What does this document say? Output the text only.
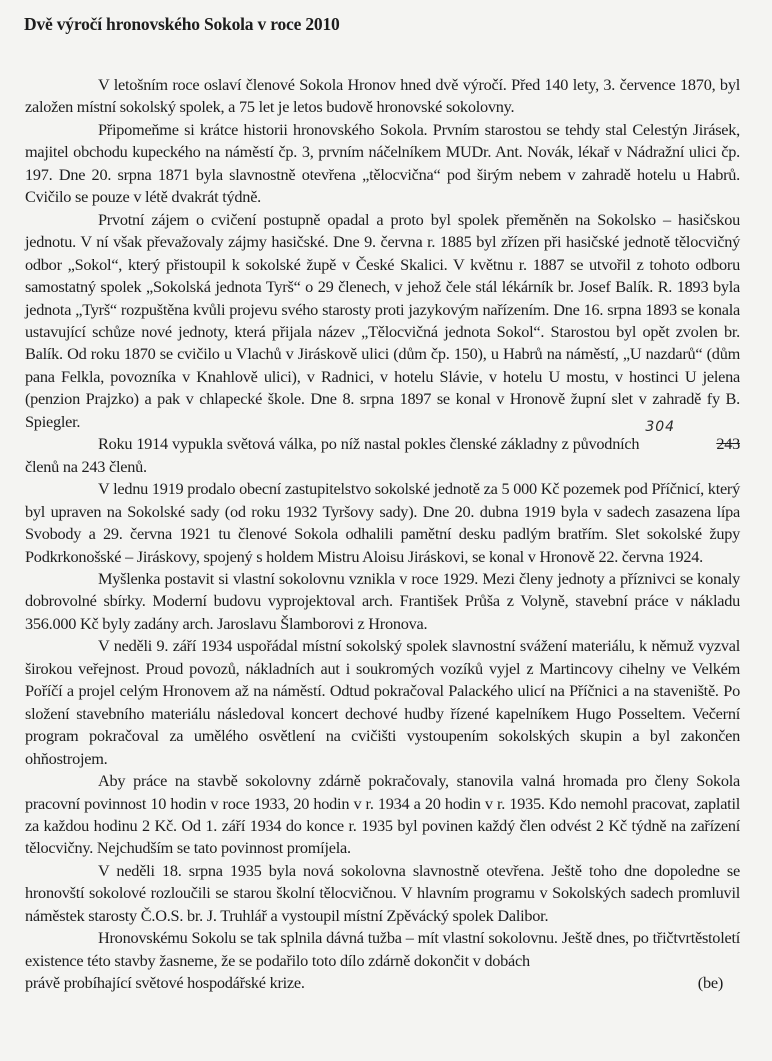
Dvě výročí hronovského Sokola v roce 2010

V letošním roce oslaví členové Sokola Hronov hned dvě výročí. Před 140 lety, 3. července 1870, byl založen místní sokolský spolek, a 75 let je letos budově hronovské sokolovny.

Připomeňme si krátce historii hronovského Sokola. Prvním starostou se tehdy stal Celestýn Jirásek, majitel obchodu kupeckého na náměstí čp. 3, prvním náčelníkem MUDr. Ant. Novák, lékař v Nádražní ulici čp. 197. Dne 20. srpna 1871 byla slavnostně otevřena „tělocvična“ pod širým nebem v zahradě hotelu u Habrů. Cvičilo se pouze v létě dvakrát týdně.

Prvotní zájem o cvičení postupně opadal a proto byl spolek přeměněn na Sokolsko – hasičskou jednotu. V ní však převažovaly zájmy hasičské. Dne 9. června r. 1885 byl zřízen při hasičské jednotě tělocvičný odbor „Sokol“, který přistoupil k sokolské župě v České Skalici. V květnu r. 1887 se utvořil z tohoto odboru samostatný spolek „Sokolská jednota Tyrš“ o 29 členech, v jehož čele stál lékárník br. Josef Balík. R. 1893 byla jednota „Tyrš“ rozpuštěna kvůli projevu svého starosty proti jazykovým nařízením. Dne 16. srpna 1893 se konala ustavující schůze nové jednoty, která přijala název „Tělocvičná jednota Sokol“. Starostou byl opět zvolen br. Balík. Od roku 1870 se cvičilo u Vlachů v Jiráskově ulici (dům čp. 150), u Habrů na náměstí, „U nazdarů“ (dům pana Felkla, povozníka v Knahlově ulici), v Radnici, v hotelu Slávie, v hotelu U mostu, v hostinci U jelena (penzion Prajzko) a pak v chlapecké škole. Dne 8. srpna 1897 se konal v Hronově župní slet v zahradě fy B. Spiegler.

Roku 1914 vypukla světová válka, po níž nastal pokles členské základny z původních	243
304
členů na 243 členů.

V lednu 1919 prodalo obecní zastupitelstvo sokolské jednotě za 5 000 Kč pozemek pod Příčnicí, který byl upraven na Sokolské sady (od roku 1932 Tyršovy sady). Dne 20. dubna 1919 byla v sadech zasazena lípa Svobody a 29. června 1921 tu členové Sokola odhalili pamětní desku padlým bratřím. Slet sokolské župy Podkrkonošské – Jiráskovy, spojený s holdem Mistru Aloisu Jiráskovi, se konal v Hronově 22. června 1924.

Myšlenka postavit si vlastní sokolovnu vznikla v roce 1929. Mezi členy jednoty a příznivci se konaly dobrovolné sbírky. Moderní budovu vyprojektoval arch. František Průša z Volyně, stavební práce v nákladu 356.000 Kč byly zadány arch. Jaroslavu Šlamborovi z Hronova.

V neděli 9. září 1934 uspořádal místní sokolský spolek slavnostní svážení materiálu, k němuž vyzval širokou veřejnost. Proud povozů, nákladních aut i soukromých vozíků vyjel z Martincovy cihelny ve Velkém Poříčí a projel celým Hronovem až na náměstí. Odtud pokračoval Palackého ulicí na Příčnici a na staveniště. Po složení stavebního materiálu následoval koncert dechové hudby řízené kapelníkem Hugo Posseltem. Večerní program pokračoval za umělého osvětlení na cvičišti vystoupením sokolských skupin a byl zakončen ohňostrojem.

Aby práce na stavbě sokolovny zdárně pokračovaly, stanovila valná hromada pro členy Sokola pracovní povinnost 10 hodin v roce 1933, 20 hodin v r. 1934 a 20 hodin v r. 1935. Kdo nemohl pracovat, zaplatil za každou hodinu 2 Kč. Od 1. září 1934 do konce r. 1935 byl povinen každý člen odvést 2 Kč týdně na zařízení tělocvičny. Nejchudším se tato povinnost promíjela.

V neděli 18. srpna 1935 byla nová sokolovna slavnostně otevřena. Ještě toho dne dopoledne se hronovští sokolové rozloučili se starou školní tělocvičnou. V hlavním programu v Sokolských sadech promluvil náměstek starosty Č.O.S. br. J. Truhlář a vystoupil místní Zpěvácký spolek Dalibor.

Hronovskému Sokolu se tak splnila dávná tužba – mít vlastní sokolovnu. Ještě dnes, po třičtvrtěstoletí existence této stavby žasneme, že se podařilo toto dílo zdárně dokončit v dobách

právě probíhající světové hospodářské krize.	(be)
